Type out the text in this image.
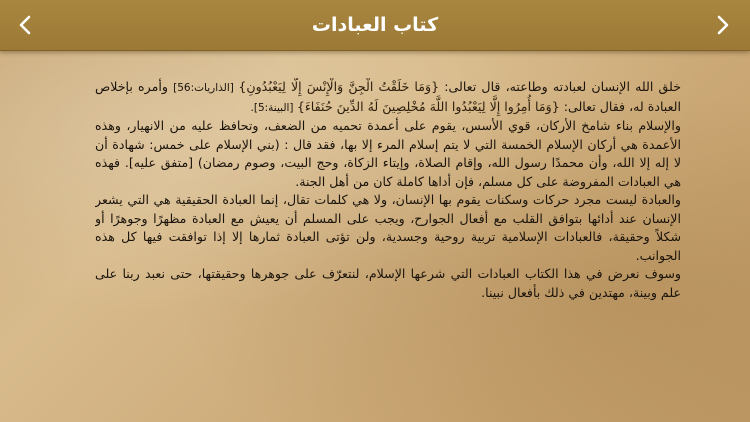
كتاب العبادات

خلق الله الإنسان لعبادته وطاعته، قال تعالى: {وَمَا خَلَقْتُ الْجِنَّ وَالْإِنْسَ إِلَّا لِيَعْبُدُونِ} [الذاريات:56] وأمره بإخلاص العبادة له، فقال تعالى: {وَمَا أُمِرُوا إِلَّا لِيَعْبُدُوا اللَّهَ مُخْلِصِينَ لَهُ الدِّينَ حُنَفَاءَ} [البينة:5].

والإسلام بناء شامخ الأركان، قوي الأسس، يقوم على أعمدة تحميه من الضعف، وتحافظ عليه من الانهيار، وهذه الأعمدة هي أركان الإسلام الخمسة التي لا يتم إسلام المرء إلا بها، فقد قال : (بني الإسلام على خمس: شهادة أن لا إله إلا الله، وأن محمدًا رسول الله، وإقام الصلاة، وإيتاء الزكاة، وحج البيت، وصوم رمضان) [متفق عليه]. فهذه هي العبادات المفروضة على كل مسلم، فإن أداها كاملة كان من أهل الجنة.

والعبادة ليست مجرد حركات وسكنات يقوم بها الإنسان، ولا هي كلمات تقال، إنما العبادة الحقيقية هي التي يشعر الإنسان عند أدائها بتوافق القلب مع أفعال الجوارح، ويجب على المسلم أن يعيش مع العبادة مظهرًا وجوهرًا أو شكلاً وحقيقة، فالعبادات الإسلامية تربية روحية وجسدية، ولن تؤتى العبادة ثمارها إلا إذا توافقت فيها كل هذه الجوانب.

وسوف نعرض في هذا الكتاب العبادات التي شرعها الإسلام، لنتعرّف على جوهرها وحقيقتها، حتى نعبد ربنا على علم وبينة، مهتدين في ذلك بأفعال نبينا.
